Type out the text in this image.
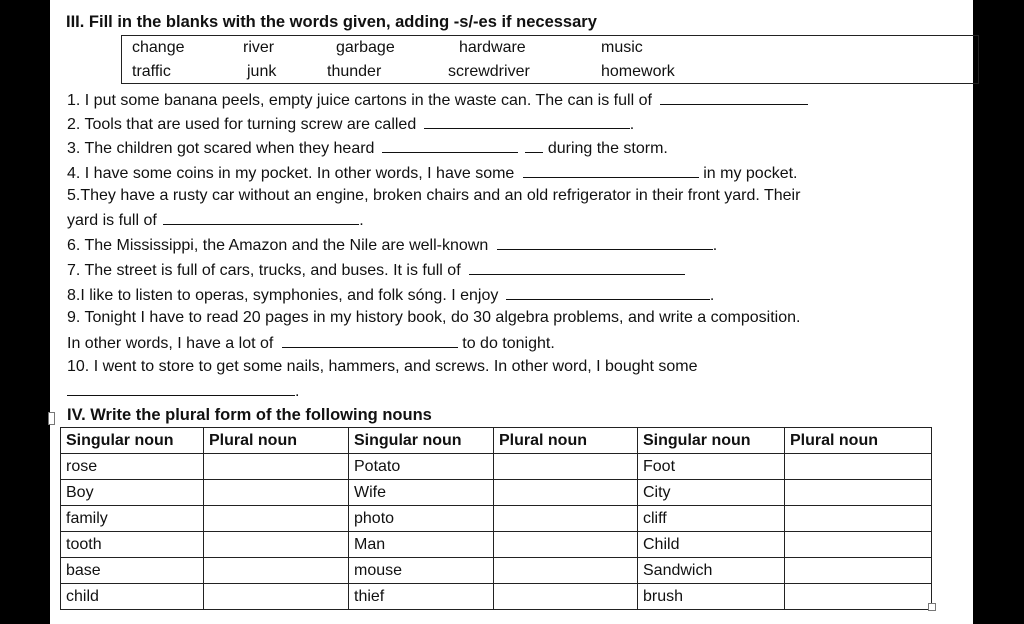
III. Fill in the blanks with the words given, adding -s/-es if necessary
change	river	garbage	hardware	music
traffic	junk	thunder	screwdriver	homework
1. I put some banana peels, empty juice cartons in the waste can. The can is full of
2. Tools that are used for turning screw are called	.
3. The children got scared when they heard	during the storm.
4. I have some coins in my pocket. In other words, I have some	in my pocket.
5.They have a rusty car without an engine, broken chairs and an old refrigerator in their front yard. Their
yard is full of	.
6. The Mississippi, the Amazon and the Nile are well-known	.
7. The street is full of cars, trucks, and buses. It is full of
8.I like to listen to operas, symphonies, and folk sóng. I enjoy	.
9. Tonight I have to read 20 pages in my history book, do 30 algebra problems, and write a composition.
In other words, I have a lot of	to do tonight.
10. I went to store to get some nails, hammers, and screws. In other word, I bought some
.
IV. Write the plural form of the following nouns
Singular noun	Plural noun	Singular noun	Plural noun	Singular noun	Plural noun
rose		Potato		Foot	
Boy		Wife		City	
family		photo		cliff	
tooth		Man		Child	
base		mouse		Sandwich	
child		thief		brush	
